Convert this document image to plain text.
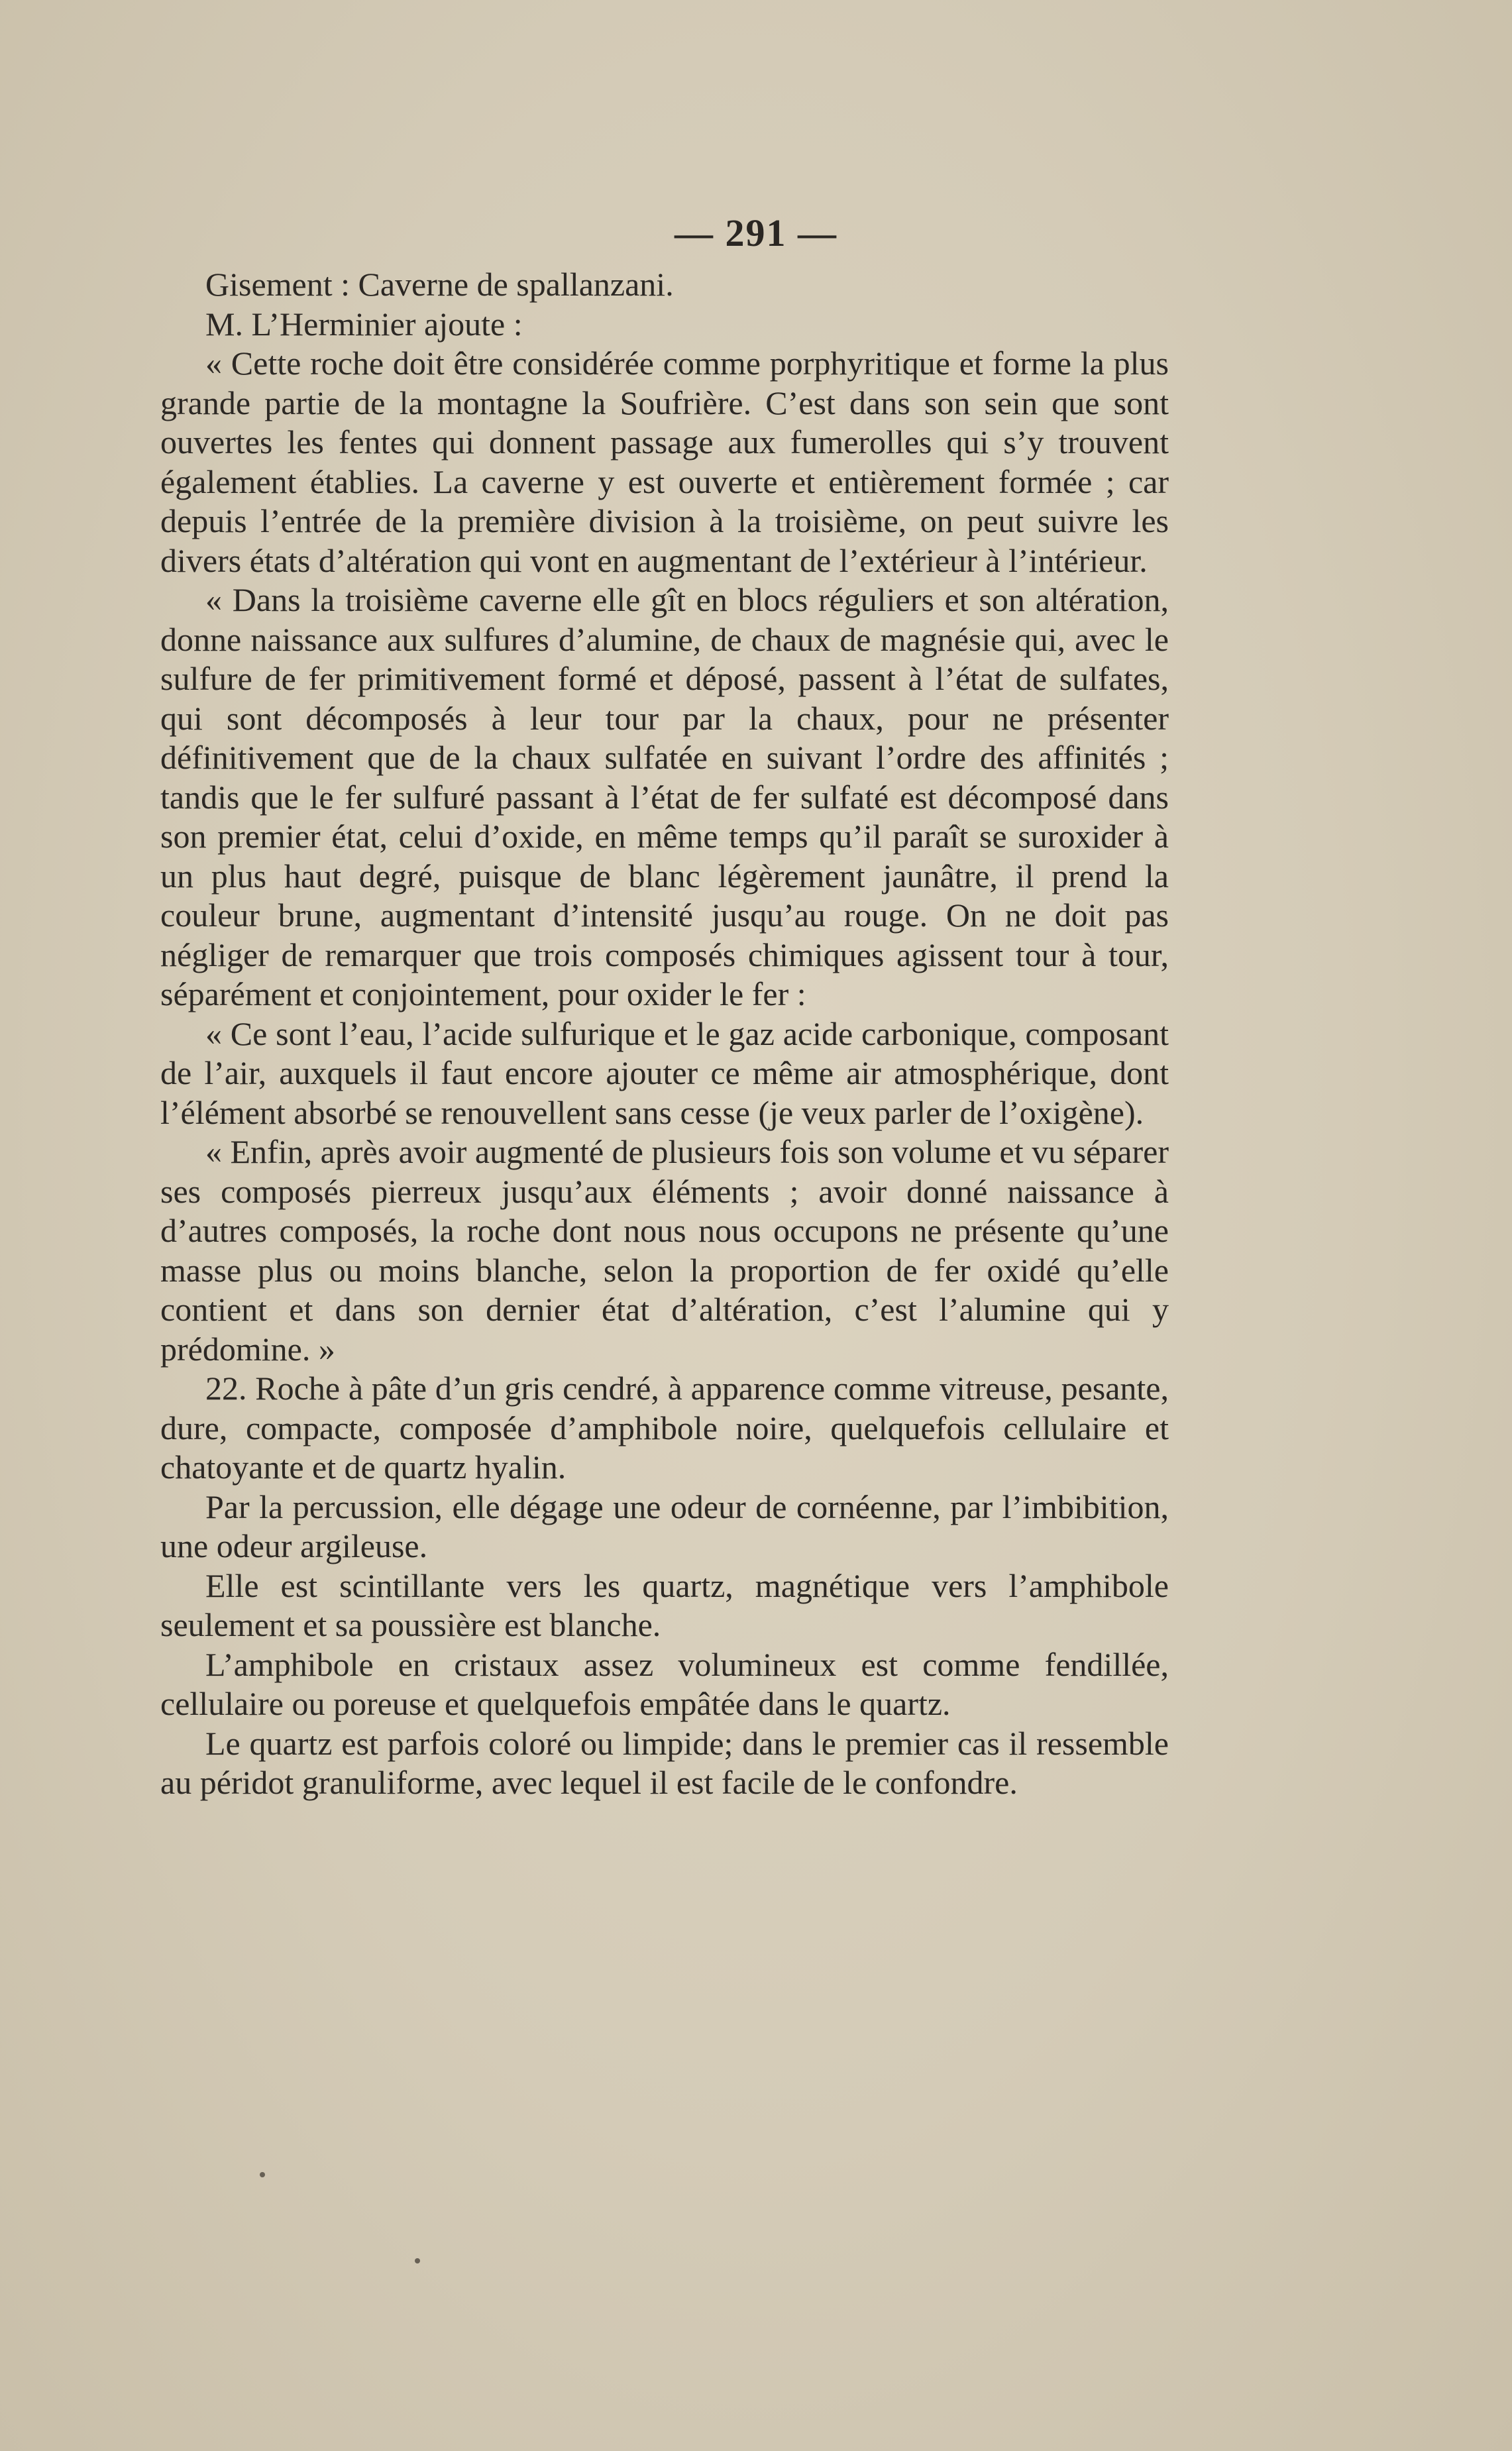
— 291 —

Gisement : Caverne de spallanzani.

M. L’Herminier ajoute :

« Cette roche doit être considérée comme porphyritique et forme la plus grande partie de la montagne la Soufrière. C’est dans son sein que sont ouvertes les fentes qui donnent passage aux fumerolles qui s’y trouvent également établies. La caverne y est ouverte et entièrement formée ; car depuis l’entrée de la première division à la troisième, on peut suivre les divers états d’altération qui vont en augmentant de l’extérieur à l’intérieur.

« Dans la troisième caverne elle gît en blocs réguliers et son altération, donne naissance aux sulfures d’alumine, de chaux de magnésie qui, avec le sulfure de fer primitivement formé et déposé, passent à l’état de sulfates, qui sont décomposés à leur tour par la chaux, pour ne présenter définitivement que de la chaux sulfatée en suivant l’ordre des affinités ; tandis que le fer sulfuré passant à l’état de fer sulfaté est décomposé dans son premier état, celui d’oxide, en même temps qu’il paraît se suroxider à un plus haut degré, puisque de blanc légèrement jaunâtre, il prend la couleur brune, augmentant d’intensité jusqu’au rouge. On ne doit pas négliger de remarquer que trois composés chimiques agissent tour à tour, séparément et conjointement, pour oxider le fer :

« Ce sont l’eau, l’acide sulfurique et le gaz acide carbonique, composant de l’air, auxquels il faut encore ajouter ce même air atmosphérique, dont l’élément absorbé se renouvellent sans cesse (je veux parler de l’oxigène).

« Enfin, après avoir augmenté de plusieurs fois son volume et vu séparer ses composés pierreux jusqu’aux éléments ; avoir donné naissance à d’autres composés, la roche dont nous nous occupons ne présente qu’une masse plus ou moins blanche, selon la proportion de fer oxidé qu’elle contient et dans son dernier état d’altération, c’est l’alumine qui y prédomine. »

22. Roche à pâte d’un gris cendré, à apparence comme vitreuse, pesante, dure, compacte, composée d’amphibole noire, quelquefois cellulaire et chatoyante et de quartz hyalin.

Par la percussion, elle dégage une odeur de cornéenne, par l’imbibition, une odeur argileuse.

Elle est scintillante vers les quartz, magnétique vers l’amphibole seulement et sa poussière est blanche.

L’amphibole en cristaux assez volumineux est comme fendillée, cellulaire ou poreuse et quelquefois empâtée dans le quartz.

Le quartz est parfois coloré ou limpide; dans le premier cas il ressemble au péridot granuliforme, avec lequel il est facile de le confondre.
